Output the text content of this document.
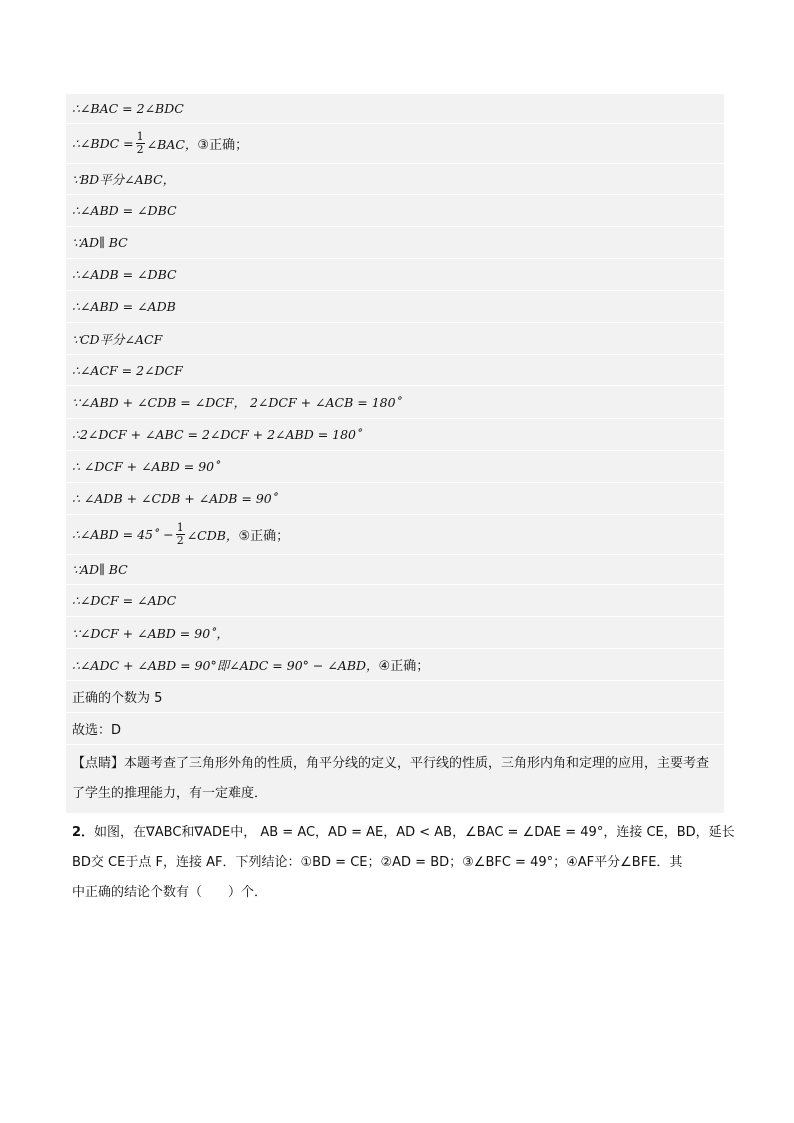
∴∠BAC = 2∠BDC
∴∠BDC = $\frac{1}{2}$ ∠BAC， ③正确；
∵BD平分∠ABC，
∴∠ABD = ∠DBC
∵AD∥ BC
∴∠ADB = ∠DBC
∴∠ABD = ∠ADB
∵CD平分∠ACF
∴∠ACF = 2∠DCF
∵∠ABD + ∠CDB = ∠DCF， 2∠DCF + ∠ACB = 180˚
∴2∠DCF + ∠ABC = 2∠DCF + 2∠ABD = 180˚
∴ ∠DCF + ∠ABD = 90˚
∴ ∠ADB + ∠CDB + ∠ADB = 90˚
∴∠ABD = 45˚ − $\frac{1}{2}$ ∠CDB， ⑤正确；
∵AD∥ BC
∴∠DCF = ∠ADC
∵∠DCF + ∠ABD = 90˚，
∴∠ADC + ∠ABD = 90°即∠ADC = 90° − ∠ABD， ④正确；
正确的个数为 5
故选：D
【点睛】本题考查了三角形外角的性质，角平分线的定义，平行线的性质，三角形内角和定理的应用，主要考查了学生的推理能力，有一定难度．
2．如图，在∇ABC和∇ADE中， AB = AC，AD = AE，AD < AB，∠BAC = ∠DAE = 49°，连接 CE，BD，延长
BD交 CE于点 F，连接 AF．下列结论：①BD = CE；②AD = BD；③∠BFC = 49°；④AF平分∠BFE．其
中正确的结论个数有（　　）个．
